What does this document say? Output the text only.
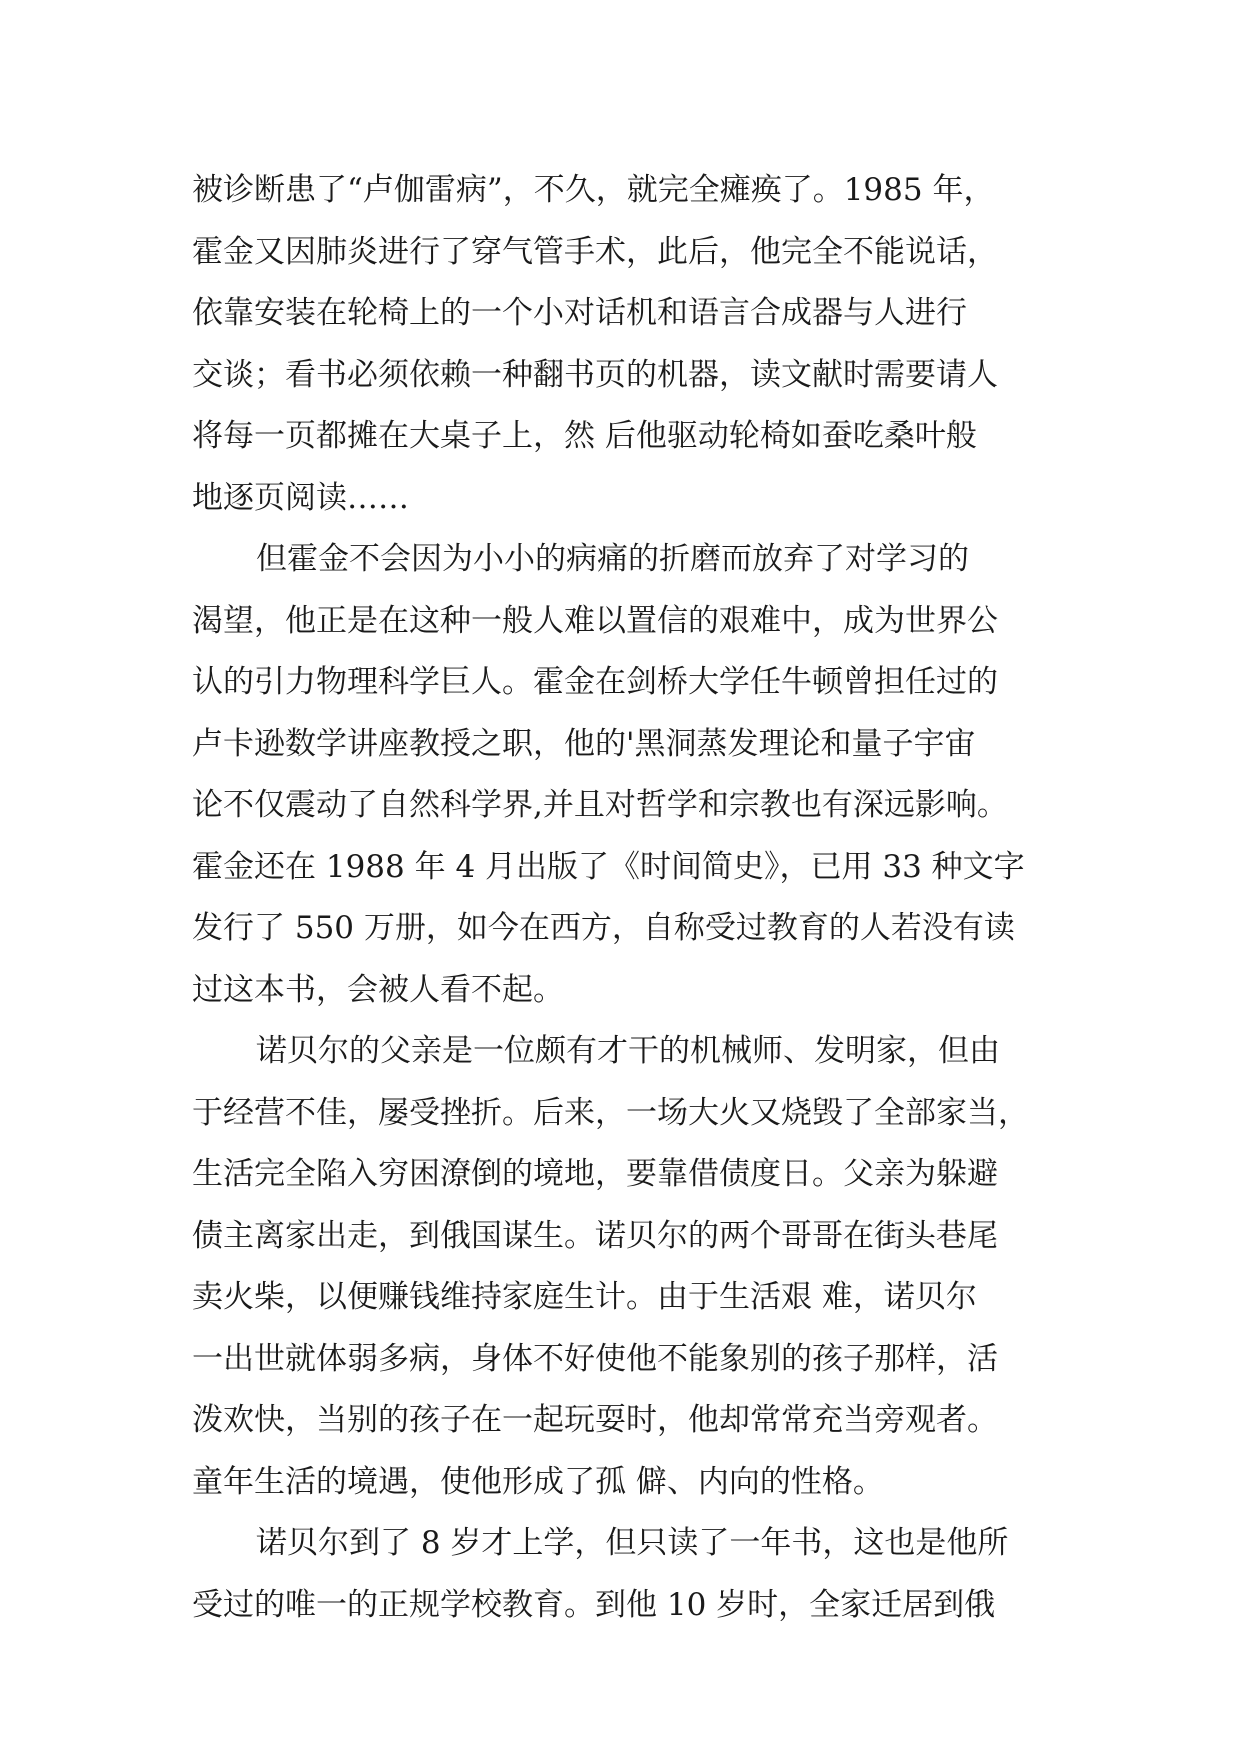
被诊断患了“卢伽雷病”，不久，就完全瘫痪了。1985 年，
霍金又因肺炎进行了穿气管手术，此后，他完全不能说话，
依靠安装在轮椅上的一个小对话机和语言合成器与人进行
交谈；看书必须依赖一种翻书页的机器，读文献时需要请人
将每一页都摊在大桌子上，然 后他驱动轮椅如蚕吃桑叶般
地逐页阅读……
但霍金不会因为小小的病痛的折磨而放弃了对学习的
渴望，他正是在这种一般人难以置信的艰难中，成为世界公
认的引力物理科学巨人。霍金在剑桥大学任牛顿曾担任过的
卢卡逊数学讲座教授之职，他的'黑洞蒸发理论和量子宇宙
论不仅震动了自然科学界,并且对哲学和宗教也有深远影响。
霍金还在 1988 年 4 月出版了《时间简史》，已用 33 种文字
发行了 550 万册，如今在西方，自称受过教育的人若没有读
过这本书，会被人看不起。
诺贝尔的父亲是一位颇有才干的机械师、发明家，但由
于经营不佳，屡受挫折。后来，一场大火又烧毁了全部家当，
生活完全陷入穷困潦倒的境地，要靠借债度日。父亲为躲避
债主离家出走，到俄国谋生。诺贝尔的两个哥哥在街头巷尾
卖火柴，以便赚钱维持家庭生计。由于生活艰 难，诺贝尔
一出世就体弱多病，身体不好使他不能象别的孩子那样，活
泼欢快，当别的孩子在一起玩耍时，他却常常充当旁观者。
童年生活的境遇，使他形成了孤 僻、内向的性格。
诺贝尔到了 8 岁才上学，但只读了一年书，这也是他所
受过的唯一的正规学校教育。到他 10 岁时，全家迁居到俄
